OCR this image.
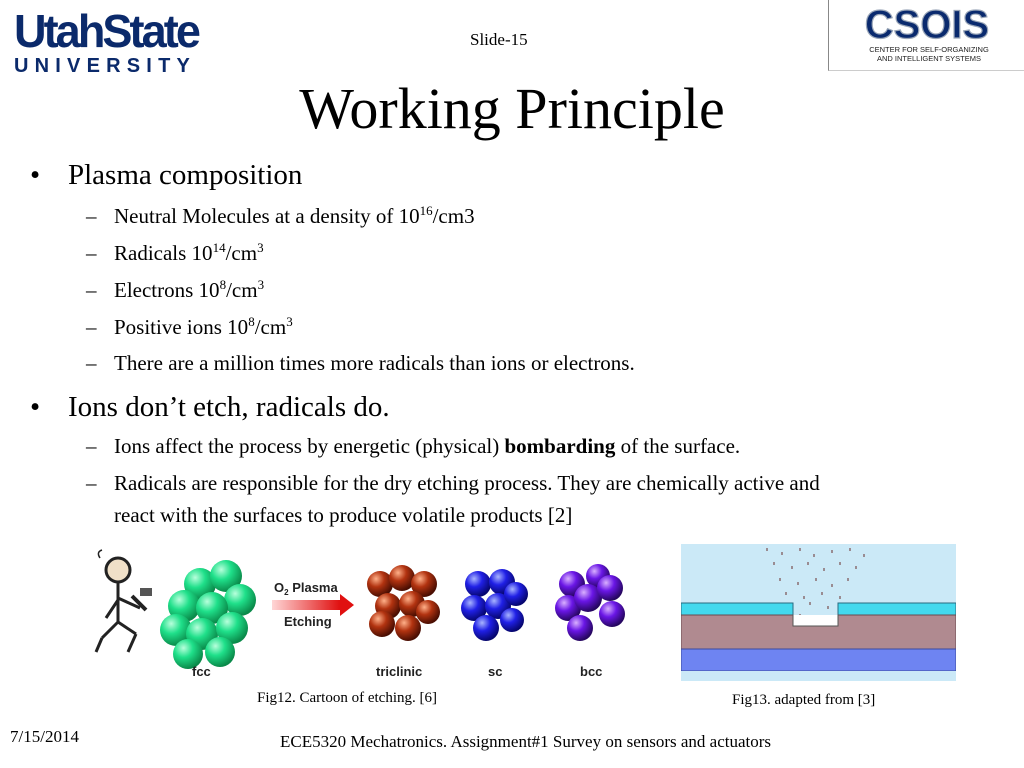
UtahState
UNIVERSITY
CSOIS
CENTER FOR SELF-ORGANIZING
AND INTELLIGENT SYSTEMS
Slide-15
Working Principle
• Plasma composition
– Neutral Molecules at a density of $10^{16}/cm3$
– Radicals $10^{14}/cm^3$
– Electrons $10^8/cm^3$
– Positive ions $10^8/cm^3$
– There are a million times more radicals than ions or electrons.
• Ions don’t etch, radicals do.
– Ions affect the process by energetic (physical) bombarding of the surface.
– Radicals are responsible for the dry etching process. They are chemically active and
react with the surfaces to produce volatile products [2]
fcc
$O_2$ Plasma
Etching
triclinic	sc	bcc
Fig12. Cartoon of etching. [6]	Fig13. adapted from [3]
7/15/2014	ECE5320 Mechatronics. Assignment#1 Survey on sensors and actuators
